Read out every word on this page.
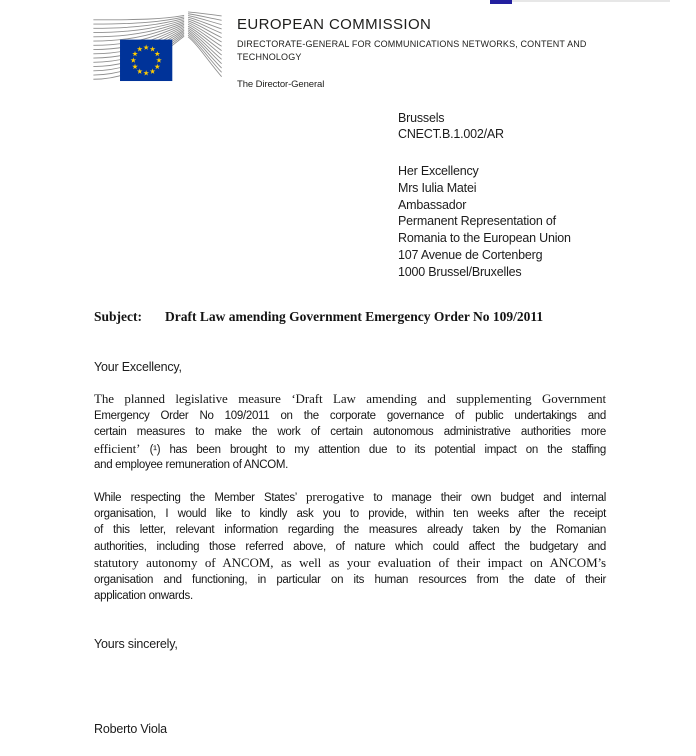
EUROPEAN COMMISSION
DIRECTORATE-GENERAL FOR COMMUNICATIONS NETWORKS, CONTENT AND
TECHNOLOGY
The Director-General
Brussels
CNECT.B.1.002/AR
Her Excellency
Mrs Iulia Matei
Ambassador
Permanent Representation of
Romania to the European Union
107 Avenue de Cortenberg
1000 Brussel/Bruxelles
Subject:	Draft Law amending Government Emergency Order No 109/2011
Your Excellency,
The planned legislative measure ‘Draft Law amending and supplementing Government
Emergency Order No 109/2011 on the corporate governance of public undertakings and
certain measures to make the work of certain autonomous administrative authorities more
efficient’ (¹) has been brought to my attention due to its potential impact on the staffing
and employee remuneration of ANCOM.
While respecting the Member States’ prerogative to manage their own budget and internal
organisation, I would like to kindly ask you to provide, within ten weeks after the receipt
of this letter, relevant information regarding the measures already taken by the Romanian
authorities, including those referred above, of nature which could affect the budgetary and
statutory autonomy of ANCOM, as well as your evaluation of their impact on ANCOM’s
organisation and functioning, in particular on its human resources from the date of their
application onwards.
Yours sincerely,
Roberto Viola
